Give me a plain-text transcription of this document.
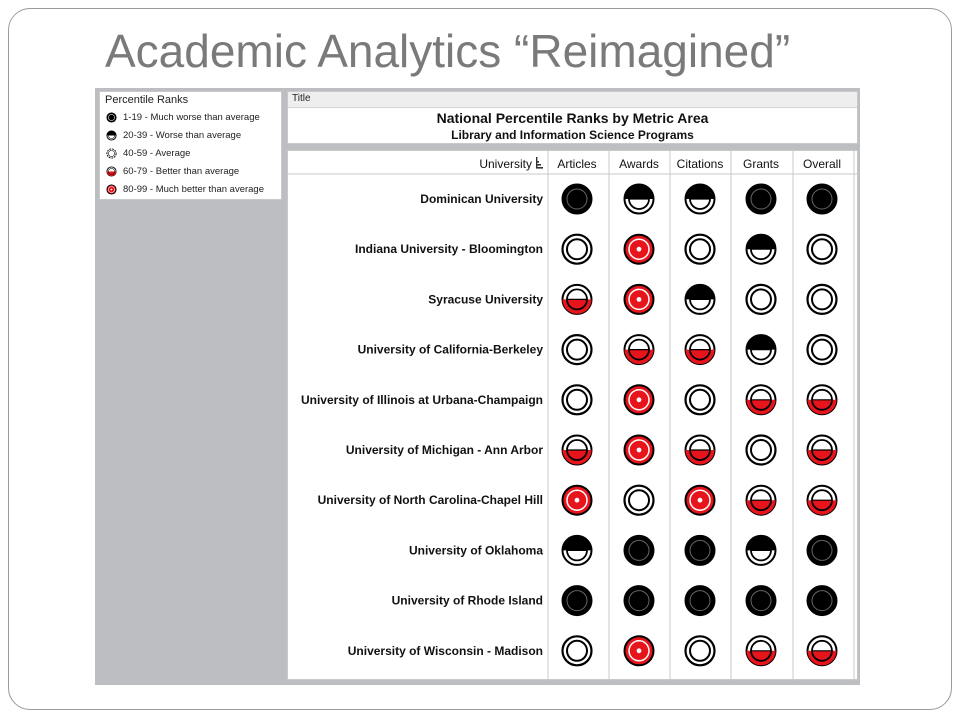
Academic Analytics “Reimagined”
Percentile Ranks
1-19 - Much worse than average
20-39 - Worse than average
40-59 - Average
60-79 - Better than average
80-99 - Much better than average
Title
National Percentile Ranks by Metric Area
Library and Information Science Programs
University Articles Awards Citations Grants Overall
Dominican University
Indiana University - Bloomington
Syracuse University
University of California-Berkeley
University of Illinois at Urbana-Champaign
University of Michigan - Ann Arbor
University of North Carolina-Chapel Hill
University of Oklahoma
University of Rhode Island
University of Wisconsin - Madison
